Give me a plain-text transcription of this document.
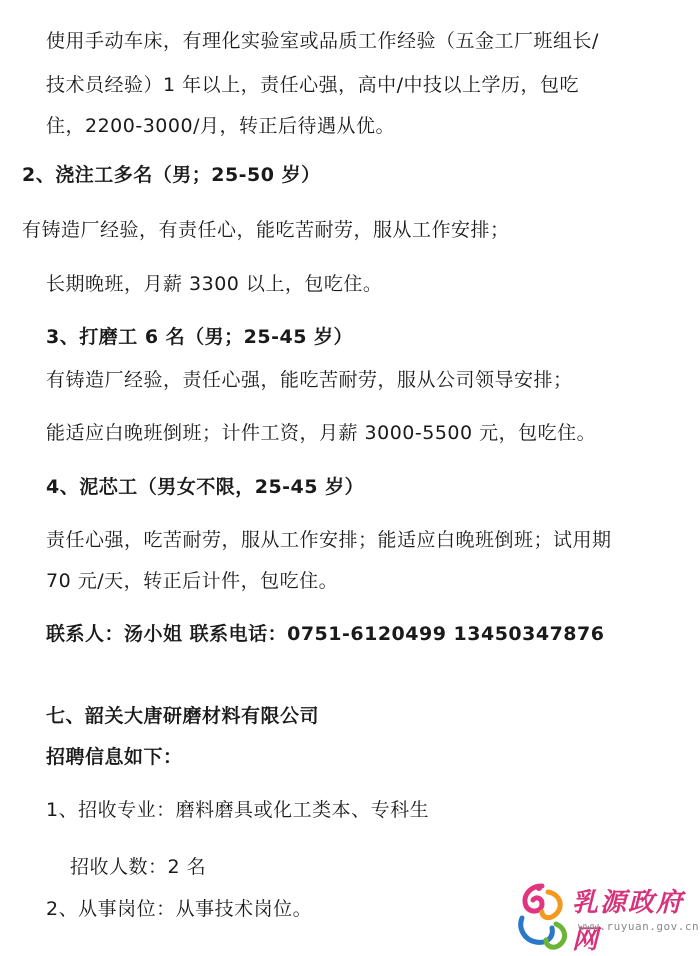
使用手动车床，有理化实验室或品质工作经验（五金工厂班组长/
技术员经验）1 年以上，责任心强，高中/中技以上学历，包吃
住，2200-3000/月，转正后待遇从优。
2、浇注工多名（男；25-50 岁）
有铸造厂经验，有责任心，能吃苦耐劳，服从工作安排；
长期晚班，月薪 3300 以上，包吃住。
3、打磨工 6 名（男；25-45 岁）
有铸造厂经验，责任心强，能吃苦耐劳，服从公司领导安排；
能适应白晚班倒班；计件工资，月薪 3000-5500 元，包吃住。
4、泥芯工（男女不限，25-45 岁）
责任心强，吃苦耐劳，服从工作安排；能适应白晚班倒班；试用期
70 元/天，转正后计件，包吃住。
联系人：汤小姐 联系电话：0751-6120499 13450347876
七、韶关大唐研磨材料有限公司
招聘信息如下：
1、招收专业：磨料磨具或化工类本、专科生
招收人数：2 名
2、从事岗位：从事技术岗位。	乳源政府网
www.ruyuan.gov.cn
